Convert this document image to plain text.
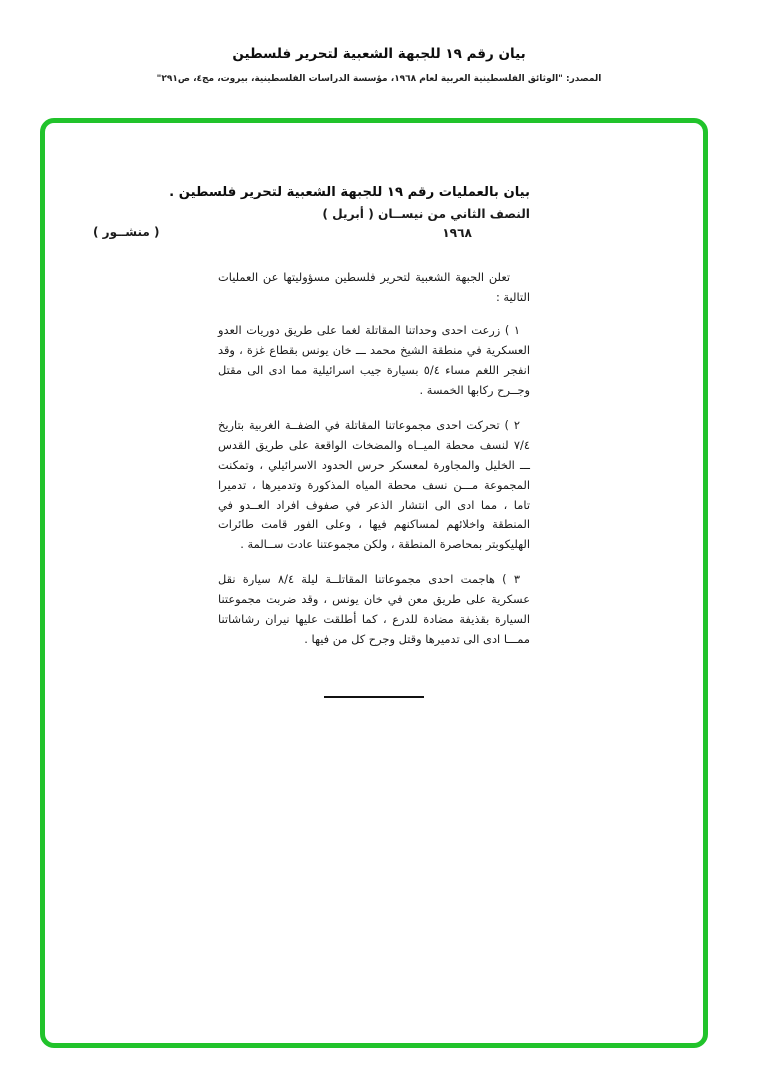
بيان رقم ١٩ للجبهة الشعبية لتحرير فلسطين
المصدر: "الوثائق الفلسطينية العربية لعام ١٩٦٨، مؤسسة الدراسات الفلسطينية، بيروت، مج٤، ص٢٩١"
( منشــور )
بيان بالعمليات رقم ١٩ للجبهة الشعبية لتحرير فلسطين .
النصف الثاني من نيســان ( أبريل )
١٩٦٨

تعلن الجبهة الشعبية لتحرير فلسطين مسؤوليتها عن العمليات التالية :

١ ) زرعت احدى وحداتنا المقاتلة لغما على طريق دوريات العدو العسكرية في منطقة الشيخ محمد ـــ خان يونس بقطاع غزة ، وقد انفجر اللغم مساء ٥/٤ بسيارة جيب اسرائيلية مما ادى الى مقتل وجــرح ركابها الخمسة .

٢ ) تحركت احدى مجموعاتنا المقاتلة في الضفــة الغربية بتاريخ ٧/٤ لنسف محطة الميــاه والمضخات الواقعة على طريق القدس ـــ الخليل والمجاورة لمعسكر حرس الحدود الاسرائيلي ، وتمكنت المجموعة مـــن نسف محطة المياه المذكورة وتدميرها ، تدميرا تاما ، مما ادى الى انتشار الذعر في صفوف افراد العــدو في المنطقة واخلائهم لمساكنهم فيها ، وعلى الفور قامت طائرات الهليكوبتر بمحاصرة المنطقة ، ولكن مجموعتنا عادت ســالمة .

٣ ) هاجمت احدى مجموعاتنا المقاتلــة ليلة ٨/٤ سيارة نقل عسكرية على طريق معن في خان يونس ، وقد ضربت مجموعتنا السيارة بقذيفة مضادة للدرع ، كما أطلقت عليها نيران رشاشاتنا ممـــا ادى الى تدميرها وقتل وجرح كل من فيها .
